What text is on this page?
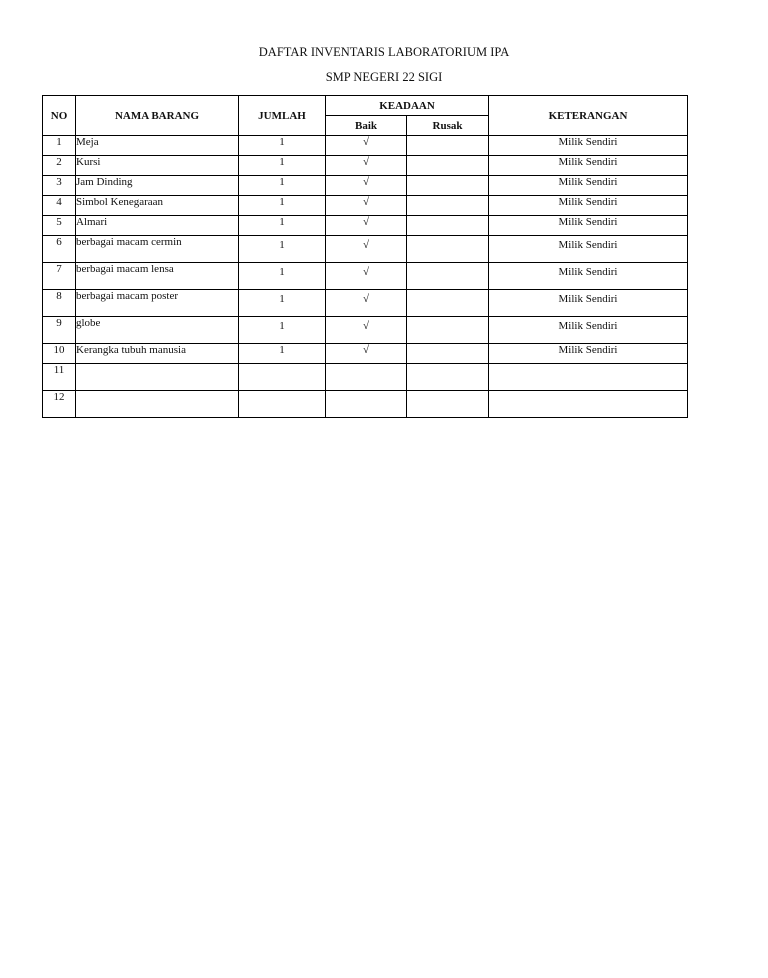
DAFTAR INVENTARIS LABORATORIUM IPA
SMP NEGERI 22 SIGI
NO	NAMA BARANG	JUMLAH	KEADAAN		KETERANGAN
			Baik	Rusak	
1	Meja	1	√		Milik Sendiri
2	Kursi	1	√		Milik Sendiri
3	Jam Dinding	1	√		Milik Sendiri
4	Simbol Kenegaraan	1	√		Milik Sendiri
5	Almari	1	√		Milik Sendiri
6	berbagai macam cermin	1	√		Milik Sendiri
7	berbagai macam lensa	1	√		Milik Sendiri
8	berbagai macam poster	1	√		Milik Sendiri
9	globe	1	√		Milik Sendiri
10	Kerangka tubuh manusia	1	√		Milik Sendiri
11					
12					
